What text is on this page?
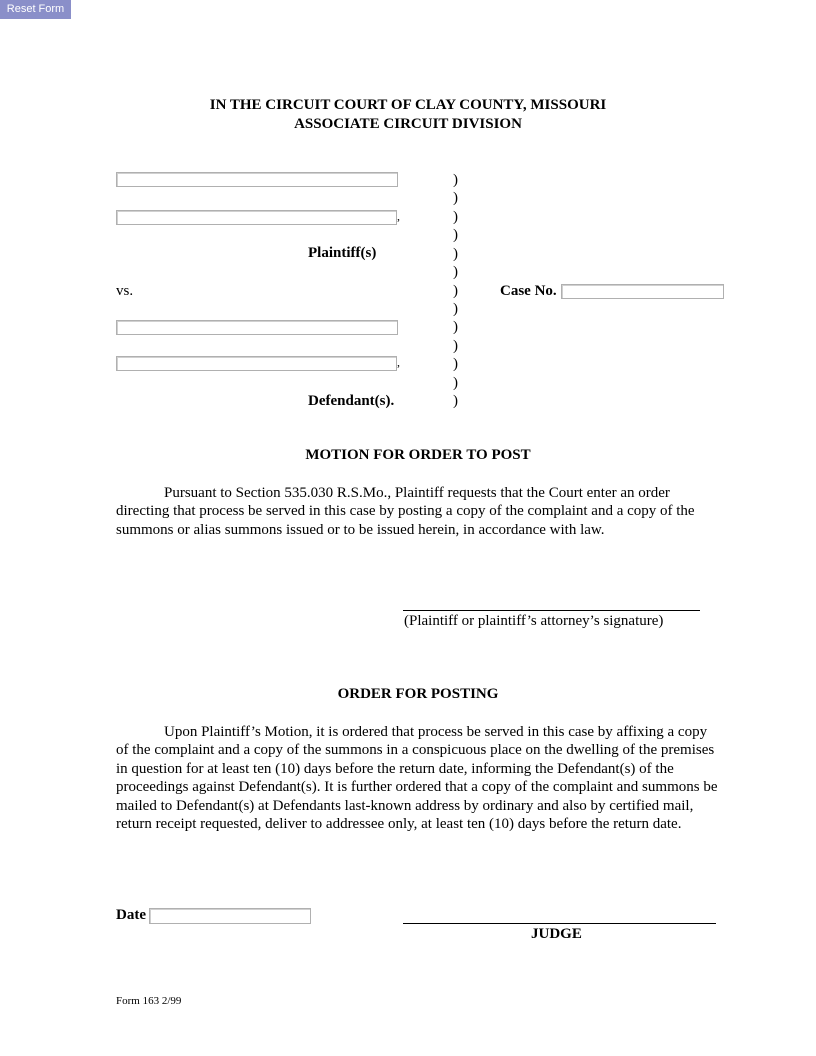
Reset Form
IN THE CIRCUIT COURT OF CLAY COUNTY, MISSOURI
ASSOCIATE CIRCUIT DIVISION
,
Plaintiff(s)
vs.
,
Defendant(s).
)
)
)
)
)
)
)
)
)
)
)
)
)
Case No.
MOTION FOR ORDER TO POST
Pursuant to Section 535.030 R.S.Mo., Plaintiff requests that the Court enter an order directing that process be served in this case by posting a copy of the complaint and a copy of the summons or alias summons issued or to be issued herein, in accordance with law.
(Plaintiff or plaintiff’s attorney’s signature)
ORDER FOR POSTING
Upon Plaintiff’s Motion, it is ordered that process be served in this case by affixing a copy of the complaint and a copy of the summons in a conspicuous place on the dwelling of the premises in question for at least ten (10) days before the return date, informing the Defendant(s) of the proceedings against Defendant(s). It is further ordered that a copy of the complaint and summons be mailed to Defendant(s) at Defendants last-known address by ordinary and also by certified mail, return receipt requested, deliver to addressee only, at least ten (10) days before the return date.
Date
JUDGE
Form 163 2/99
